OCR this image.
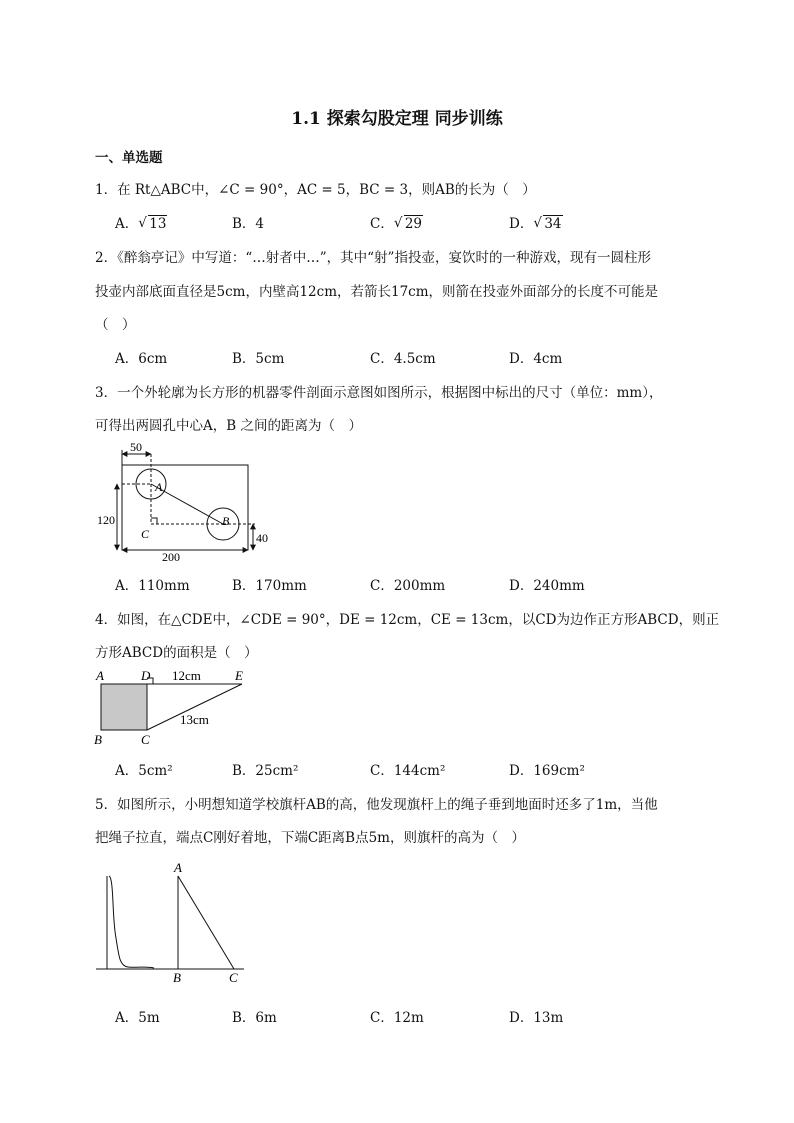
1.1 探索勾股定理 同步训练
一、单选题
1．在 Rt△ABC中，∠C = 90°，AC = 5，BC = 3，则AB的长为（　）
A． √ 13	B．4	C． √ 29	D． √ 34
2．《醉翁亭记》中写道：“…射者中…”，其中“射”指投壶，宴饮时的一种游戏，现有一圆柱形
投壶内部底面直径是5cm，内壁高12cm，若箭长17cm，则箭在投壶外面部分的长度不可能是
（　）
A．6cm	B．5cm	C．4.5cm	D．4cm
3．一个外轮廓为长方形的机器零件剖面示意图如图所示，根据图中标出的尺寸（单位：mm），
可得出两圆孔中心A，B 之间的距离为（　）
50
120
200
40
A
B
C
A．110mm	B．170mm	C．200mm	D．240mm
4．如图，在△CDE中，∠CDE = 90°，DE = 12cm，CE = 13cm，以CD为边作正方形ABCD，则正
方形ABCD的面积是（　）
A	D	E
B	C
12cm
13cm
A．5cm²	B．25cm²	C．144cm²	D．169cm²
5．如图所示，小明想知道学校旗杆AB的高，他发现旗杆上的绳子垂到地面时还多了1m，当他
把绳子拉直，端点C刚好着地，下端C距离B点5m，则旗杆的高为（　）
A
B	C
A．5m	B．6m	C．12m	D．13m
